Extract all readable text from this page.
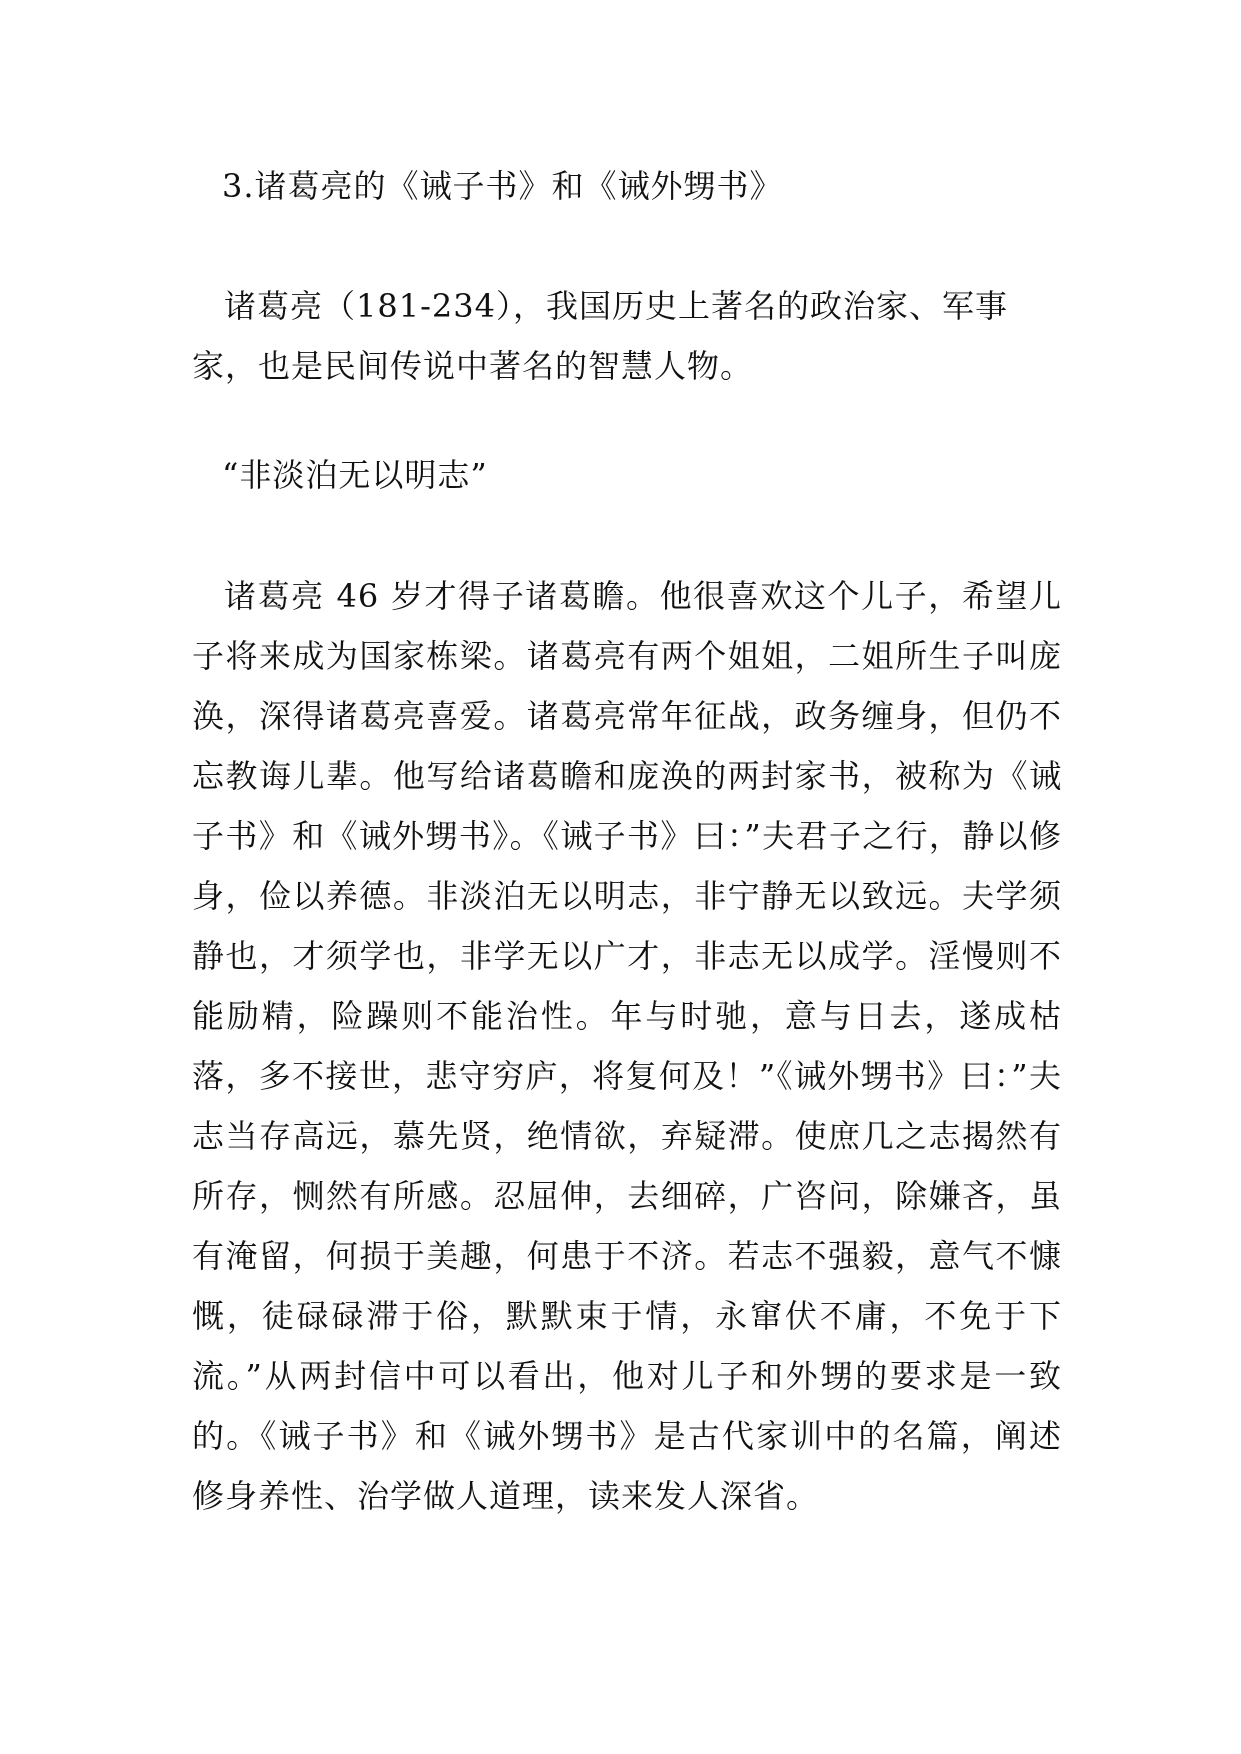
3.诸葛亮的《诫子书》和《诫外甥书》

诸葛亮（181-234），我国历史上著名的政治家、军事家，也是民间传说中著名的智慧人物。

“非淡泊无以明志”

诸葛亮 46 岁才得子诸葛瞻。他很喜欢这个儿子，希望儿子将来成为国家栋梁。诸葛亮有两个姐姐，二姐所生子叫庞涣，深得诸葛亮喜爱。诸葛亮常年征战，政务缠身，但仍不忘教诲儿辈。他写给诸葛瞻和庞涣的两封家书，被称为《诫子书》和《诫外甥书》。《诫子书》曰：”夫君子之行，静以修身，俭以养德。非淡泊无以明志，非宁静无以致远。夫学须静也，才须学也，非学无以广才，非志无以成学。淫慢则不能励精，险躁则不能治性。年与时驰，意与日去，遂成枯落，多不接世，悲守穷庐，将复何及！”《诫外甥书》曰：”夫志当存高远，慕先贤，绝情欲，弃疑滞。使庶几之志揭然有所存，恻然有所感。忍屈伸，去细碎，广咨问，除嫌吝，虽有淹留，何损于美趣，何患于不济。若志不强毅，意气不慷慨，徒碌碌滞于俗，默默束于情，永窜伏不庸，不免于下流。”从两封信中可以看出，他对儿子和外甥的要求是一致的。《诫子书》和《诫外甥书》是古代家训中的名篇，阐述修身养性、治学做人道理，读来发人深省。
